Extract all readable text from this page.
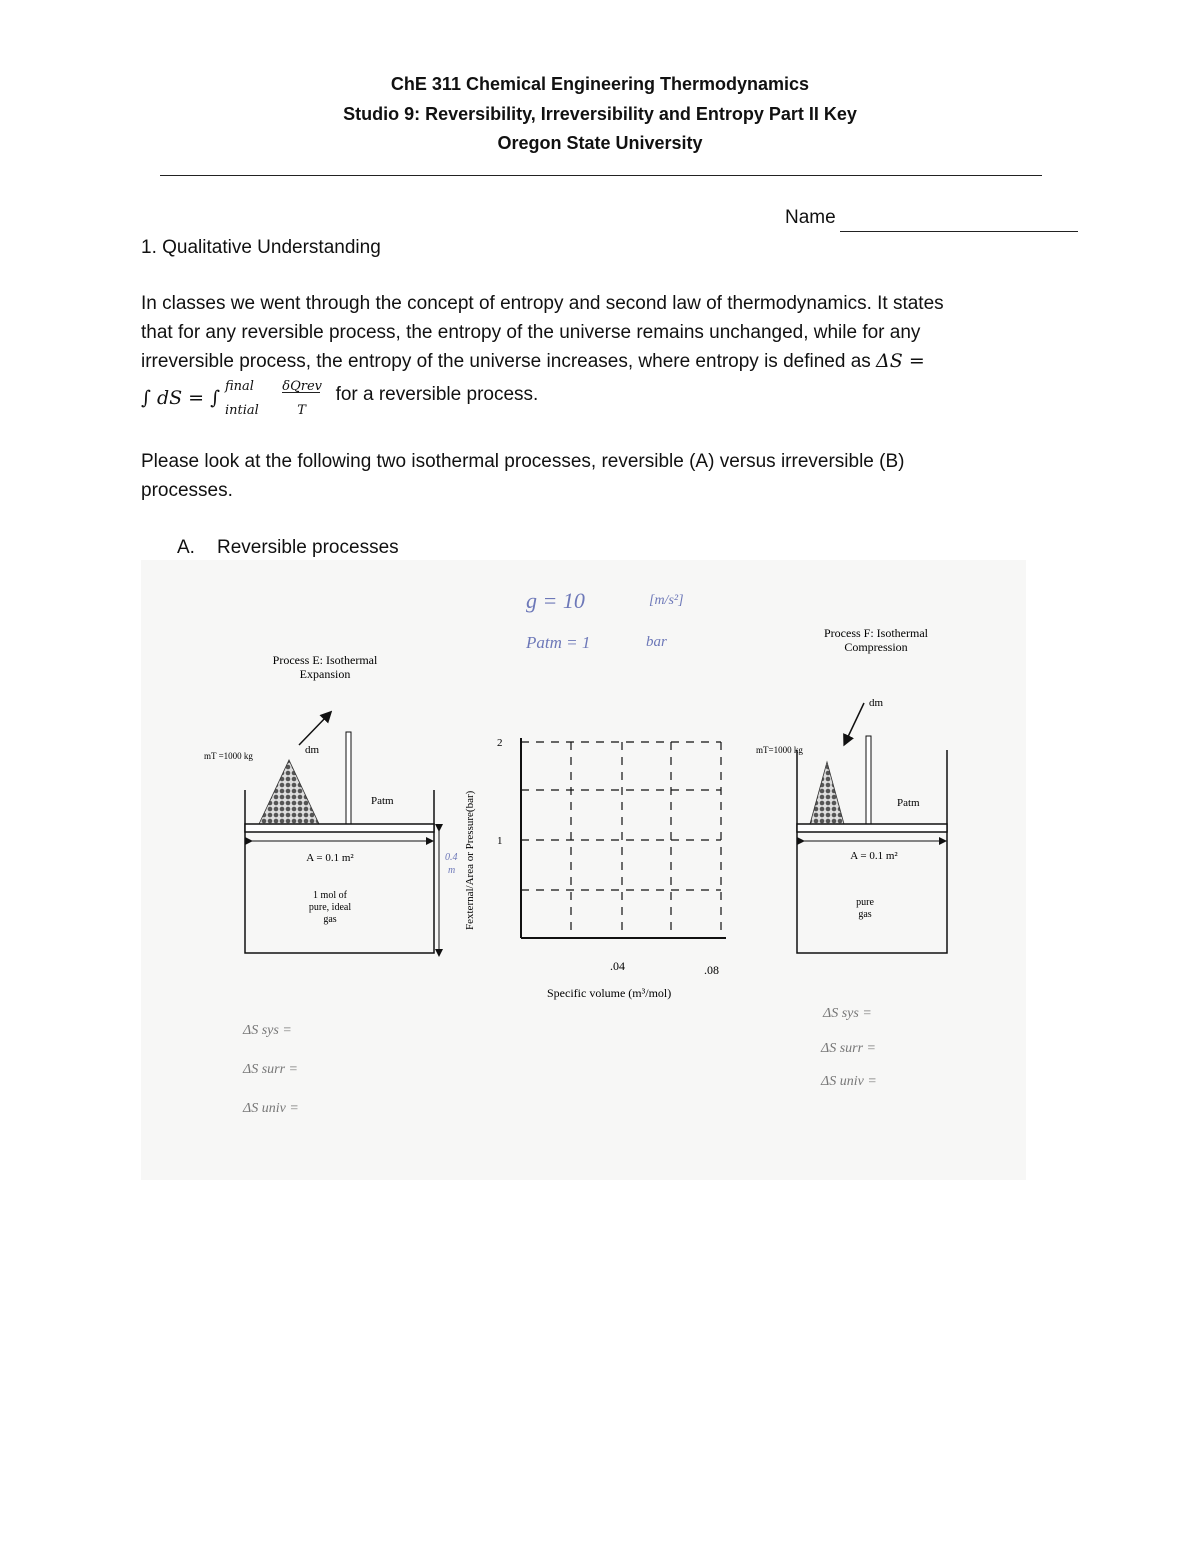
ChE 311 Chemical Engineering Thermodynamics
Studio 9: Reversibility, Irreversibility and Entropy Part II Key
Oregon State University
Name
1. Qualitative Understanding
In classes we went through the concept of entropy and second law of thermodynamics. It states
that for any reversible process, the entropy of the universe remains unchanged, while for any
irreversible process, the entropy of the universe increases, where entropy is defined as ΔS =
∫ dS = ∫
final
intial

δQrev
T
for a reversible process.
Please look at the following two isothermal processes, reversible (A) versus irreversible (B)
processes.
A. Reversible processes
g = 10	[m/s²]
Patm = 1	bar
Process E: Isothermal
Expansion
mT =1000 kg	dm
Patm
A = 0.1 m²
1 mol of
pure, ideal
gas
0.4
m
ΔS sys =
ΔS surr =
ΔS univ =
Fexternal/Area or Pressure(bar)
2
1
.04	.08
Specific volume (m³/mol)
Process F: Isothermal
Compression
mT=1000 kg
dm
Patm
A = 0.1 m²
pure
gas
ΔS sys =
ΔS surr =
ΔS univ =
